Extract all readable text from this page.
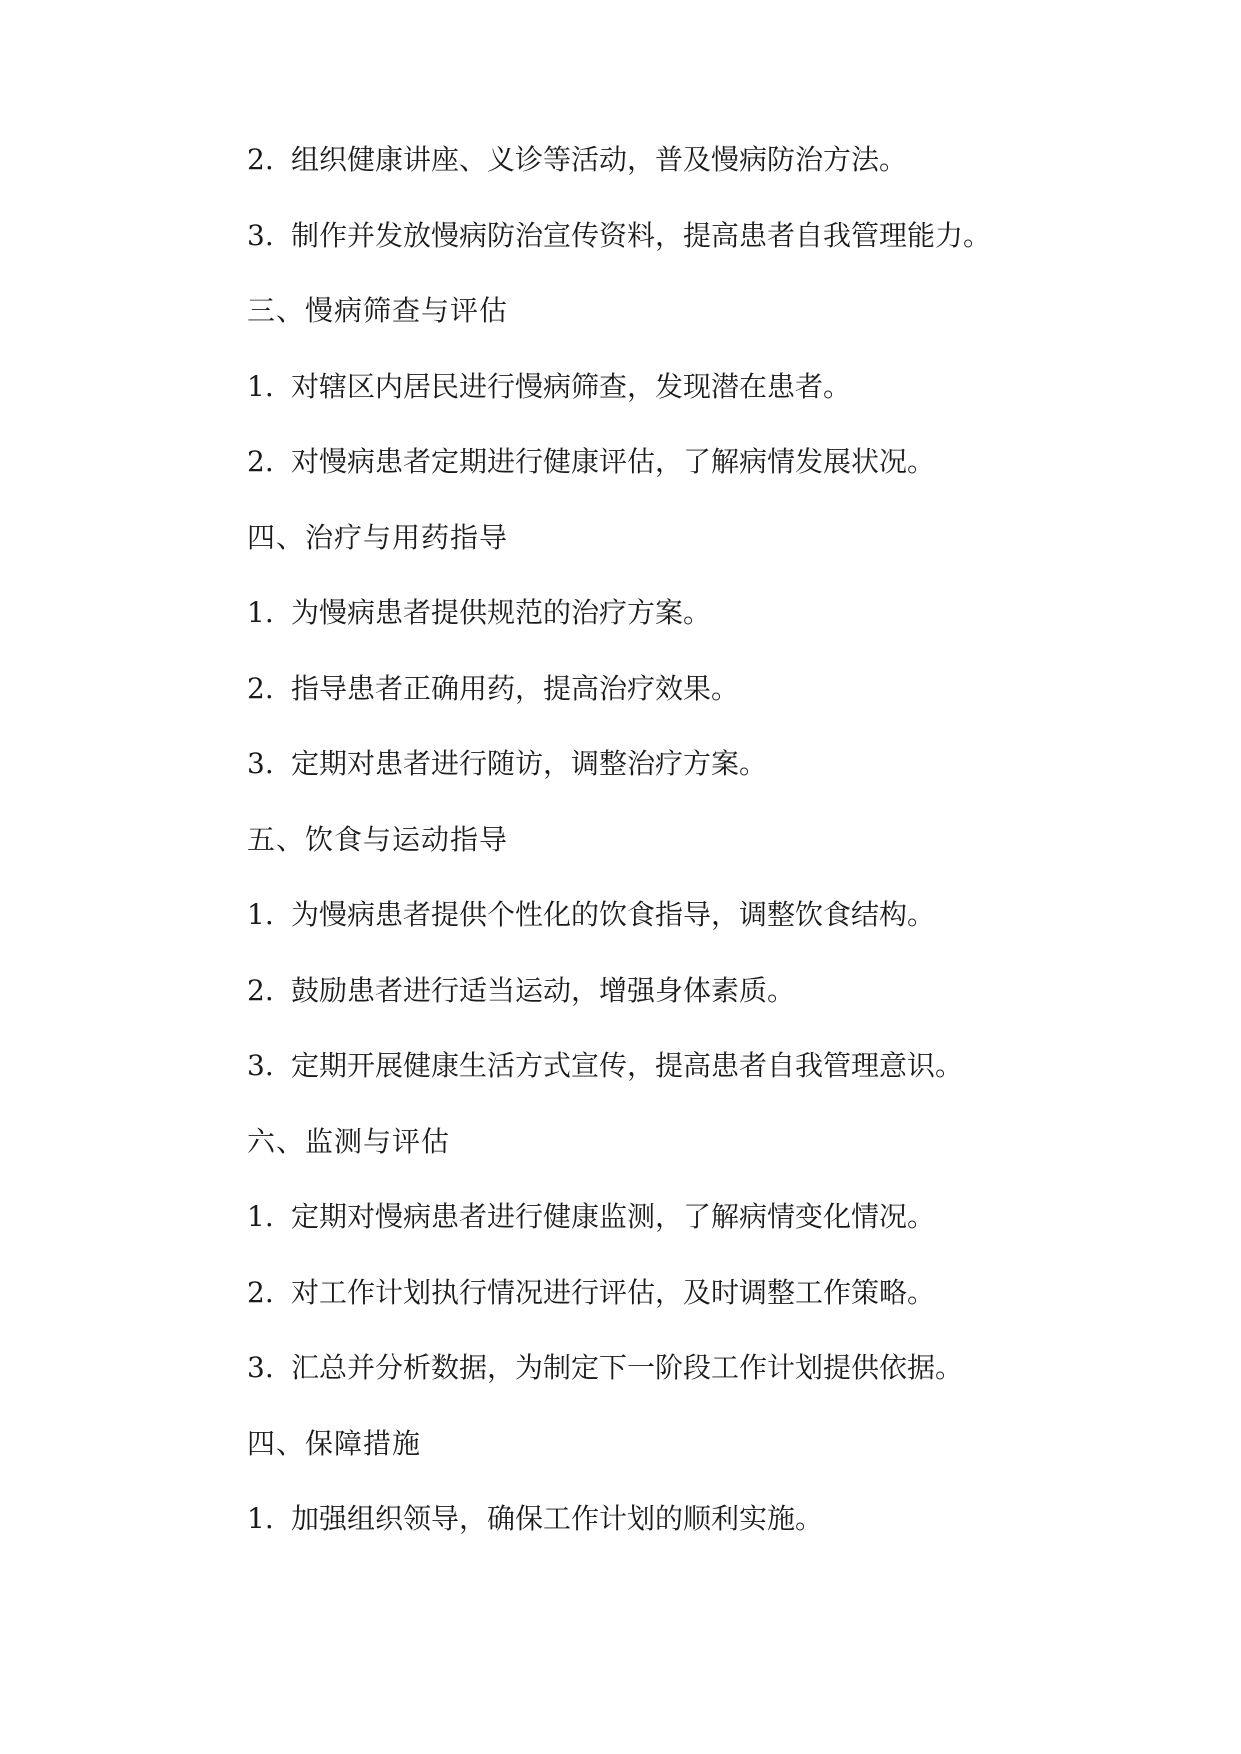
2. 组织健康讲座、义诊等活动，普及慢病防治方法。
3. 制作并发放慢病防治宣传资料，提高患者自我管理能力。
三、慢病筛查与评估
1. 对辖区内居民进行慢病筛查，发现潜在患者。
2. 对慢病患者定期进行健康评估，了解病情发展状况。
四、治疗与用药指导
1. 为慢病患者提供规范的治疗方案。
2. 指导患者正确用药，提高治疗效果。
3. 定期对患者进行随访，调整治疗方案。
五、饮食与运动指导
1. 为慢病患者提供个性化的饮食指导，调整饮食结构。
2. 鼓励患者进行适当运动，增强身体素质。
3. 定期开展健康生活方式宣传，提高患者自我管理意识。
六、监测与评估
1. 定期对慢病患者进行健康监测，了解病情变化情况。
2. 对工作计划执行情况进行评估，及时调整工作策略。
3. 汇总并分析数据，为制定下一阶段工作计划提供依据。
四、保障措施
1. 加强组织领导，确保工作计划的顺利实施。
